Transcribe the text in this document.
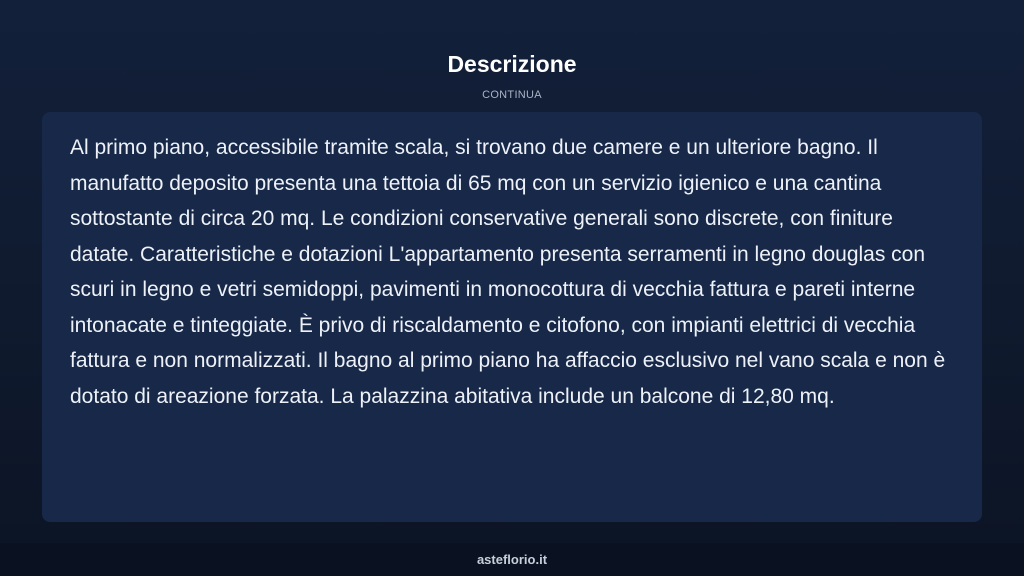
Descrizione
CONTINUA

Al primo piano, accessibile tramite scala, si trovano due camere e un ulteriore bagno. Il manufatto deposito presenta una tettoia di 65 mq con un servizio igienico e una cantina sottostante di circa 20 mq. Le condizioni conservative generali sono discrete, con finiture datate. Caratteristiche e dotazioni L'appartamento presenta serramenti in legno douglas con scuri in legno e vetri semidoppi, pavimenti in monocottura di vecchia fattura e pareti interne intonacate e tinteggiate. È privo di riscaldamento e citofono, con impianti elettrici di vecchia fattura e non normalizzati. Il bagno al primo piano ha affaccio esclusivo nel vano scala e non è dotato di areazione forzata. La palazzina abitativa include un balcone di 12,80 mq.

asteflorio.it
